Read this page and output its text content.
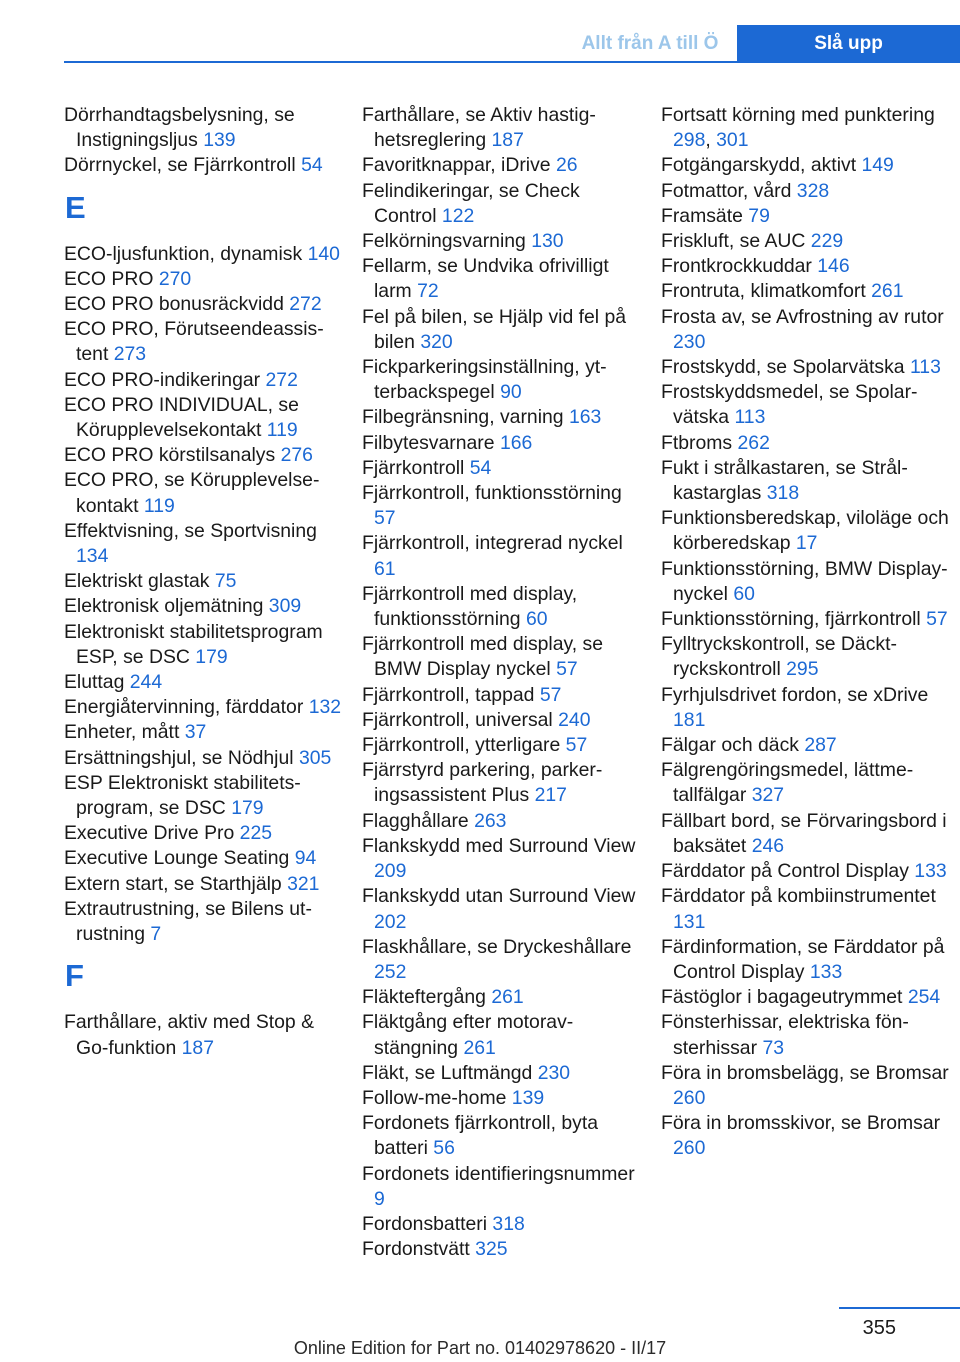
Allt från A till Ö	Slå upp
Dörrhandtagsbelysning, se Instigningsljus 139
Dörrnyckel, se Fjärrkontroll 54
E
ECO-ljusfunktion, dynamisk 140
ECO PRO 270
ECO PRO bonusräckvidd 272
ECO PRO, Förutseendeassistent 273
ECO PRO-indikeringar 272
ECO PRO INDIVIDUAL, se Körupplevelsekontakt 119
ECO PRO körstilsanalys 276
ECO PRO, se Körupplevelsekontakt 119
Effektvisning, se Sportvisning 134
Elektriskt glastak 75
Elektronisk oljemätning 309
Elektroniskt stabilitetsprogram ESP, se DSC 179
Eluttag 244
Energiåtervinning, färddator 132
Enheter, mått 37
Ersättningshjul, se Nödhjul 305
ESP Elektroniskt stabilitetsprogram, se DSC 179
Executive Drive Pro 225
Executive Lounge Seating 94
Extern start, se Starthjälp 321
Extrautrustning, se Bilens utrustning 7
F
Farthållare, aktiv med Stop & Go-funktion 187
Farthållare, se Aktiv hastighetsreglering 187
Favoritknappar, iDrive 26
Felindikeringar, se Check Control 122
Felkörningsvarning 130
Fellarm, se Undvika ofrivilligt larm 72
Fel på bilen, se Hjälp vid fel på bilen 320
Fickparkeringsinställning, ytterbackspegel 90
Filbegränsning, varning 163
Filbytesvarnare 166
Fjärrkontroll 54
Fjärrkontroll, funktionsstörning 57
Fjärrkontroll, integrerad nyckel 61
Fjärrkontroll med display, funktionsstörning 60
Fjärrkontroll med display, se BMW Display nyckel 57
Fjärrkontroll, tappad 57
Fjärrkontroll, universal 240
Fjärrkontroll, ytterligare 57
Fjärrstyrd parkering, parkeringsassistent Plus 217
Flagghållare 263
Flankskydd med Surround View 209
Flankskydd utan Surround View 202
Flaskhållare, se Dryckeshållare 252
Fläkteftergång 261
Fläktgång efter motoravstängning 261
Fläkt, se Luftmängd 230
Follow-me-home 139
Fordonets fjärrkontroll, byta batteri 56
Fordonets identifieringsnummer 9
Fordonsbatteri 318
Fordonstvätt 325
Fortsatt körning med punktering 298, 301
Fotgängarskydd, aktivt 149
Fotmattor, vård 328
Framsäte 79
Friskluft, se AUC 229
Frontkrockkuddar 146
Frontruta, klimatkomfort 261
Frosta av, se Avfrostning av rutor 230
Frostskydd, se Spolarvätska 113
Frostskyddsmedel, se Spolarvätska 113
Ftbroms 262
Fukt i strålkastaren, se Strålkastarglas 318
Funktionsberedskap, viloläge och körberedskap 17
Funktionsstörning, BMW Display-nyckel 60
Funktionsstörning, fjärrkontroll 57
Fylltryckskontroll, se Däcktryckskontroll 295
Fyrhjulsdrivet fordon, se xDrive 181
Fälgar och däck 287
Fälgrengöringsmedel, lättmetallfälgar 327
Fällbart bord, se Förvaringsbord i baksätet 246
Färddator på Control Display 133
Färddator på kombiinstrumentet 131
Färdinformation, se Färddator på Control Display 133
Fästöglor i bagageutrymmet 254
Fönsterhissar, elektriska fönsterhissar 73
Föra in bromsbelägg, se Bromsar 260
Föra in bromsskivor, se Bromsar 260
355
Online Edition for Part no. 01402978620 - II/17
